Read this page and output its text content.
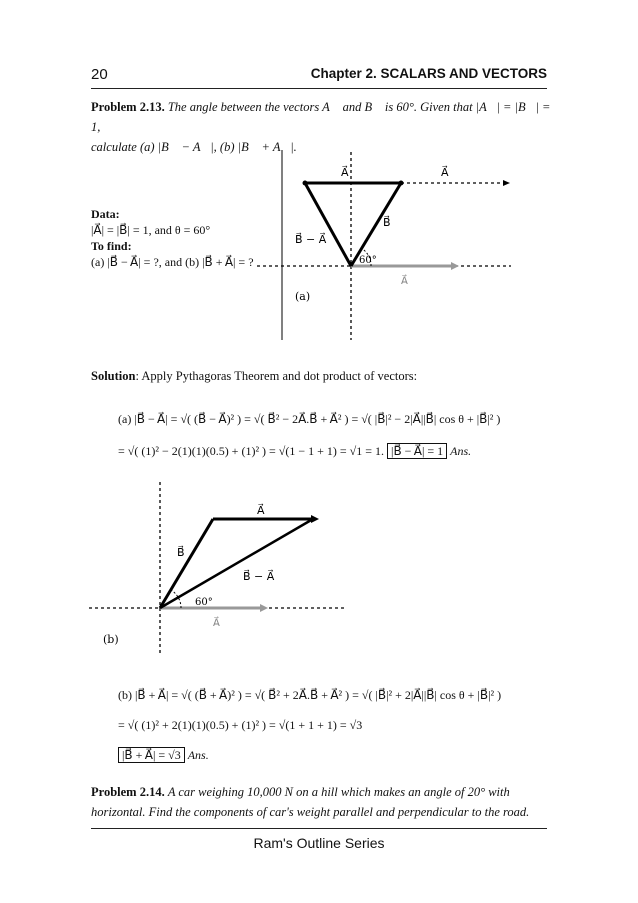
20	Chapter 2. SCALARS AND VECTORS
Problem 2.13. The angle between the vectors A⃗ and B⃗ is 60°. Given that |A⃗| = |B⃗| = 1,
calculate (a) |B⃗ − A⃗|, (b) |B⃗ + A⃗|.
Data:
|A⃗| = |B⃗| = 1, and θ = 60°
To find:
(a) |B⃗ − A⃗| = ?, and (b) |B⃗ + A⃗| = ?	60°
A⃗	A⃗
B⃗
B⃗ − A⃗
A⃗
(a)
Solution: Apply Pythagoras Theorem and dot product of vectors:
(a) |B⃗ − A⃗| = √( (B⃗ − A⃗)² ) = √( B⃗² − 2A⃗.B⃗ + A⃗² ) = √( |B⃗|² − 2|A⃗||B⃗| cos θ + |B⃗|² )
= √( (1)² − 2(1)(1)(0.5) + (1)² ) = √(1 − 1 + 1) = √1 = 1. |B⃗ − A⃗| = 1 Ans.
60°
A⃗
B⃗
B⃗ − A⃗
A⃗
(b)
(b) |B⃗ + A⃗| = √( (B⃗ + A⃗)² ) = √( B⃗² + 2A⃗.B⃗ + A⃗² ) = √( |B⃗|² + 2|A⃗||B⃗| cos θ + |B⃗|² )
= √( (1)² + 2(1)(1)(0.5) + (1)² ) = √(1 + 1 + 1) = √3
|B⃗ + A⃗| = √3 Ans.
Problem 2.14. A car weighing 10,000 N on a hill which makes an angle of 20° with
horizontal. Find the components of car's weight parallel and perpendicular to the road.
Ram's Outline Series
